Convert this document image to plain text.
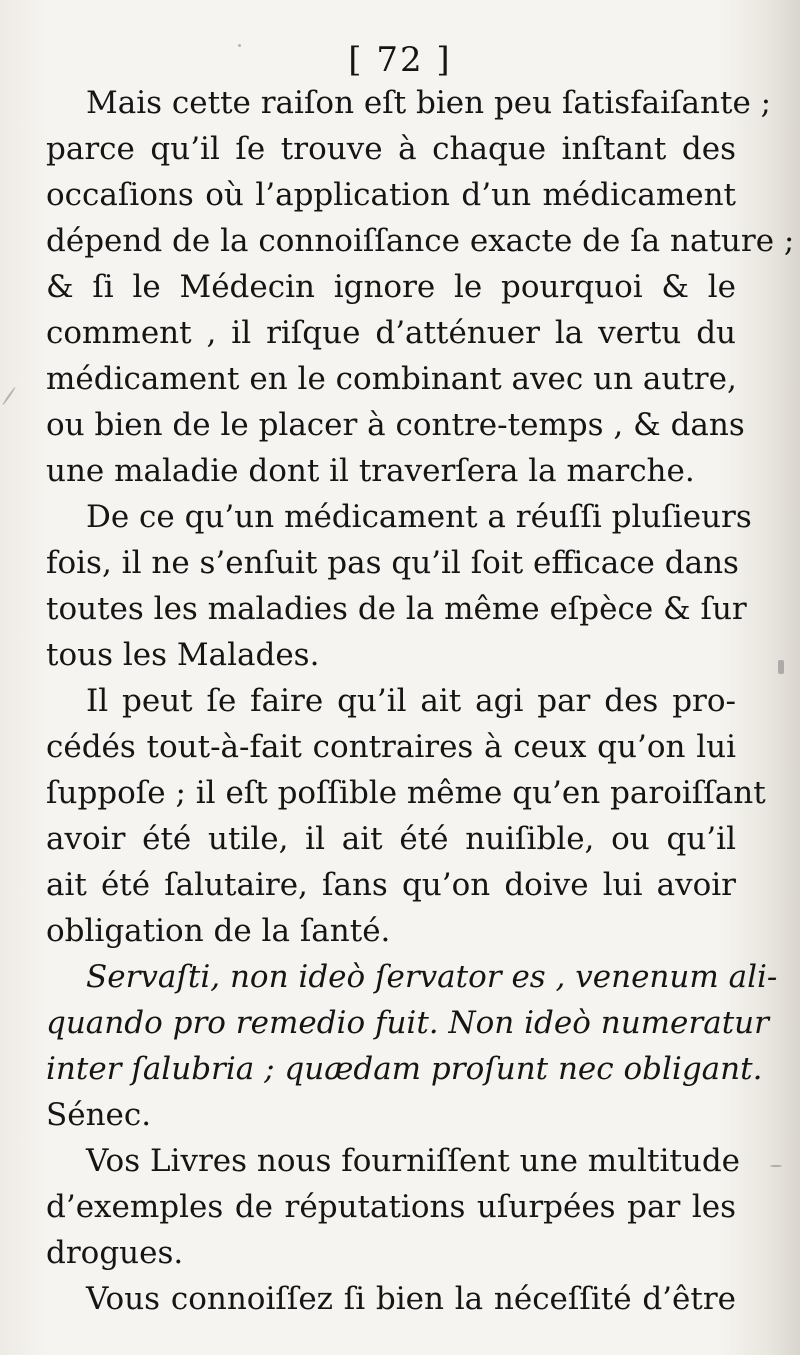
[ 72 ]
Mais cette raiſon eſt bien peu ſatisfaiſante ;
parce qu’il ſe trouve à chaque inſtant des
occaſions où l’application d’un médicament
dépend de la connoiſſance exacte de ſa nature ;
& ſi le Médecin ignore le pourquoi & le
comment , il riſque d’atténuer la vertu du
médicament en le combinant avec un autre,
ou bien de le placer à contre-temps , & dans
une maladie dont il traverſera la marche.
De ce qu’un médicament a réuſſi pluſieurs
fois, il ne s’enſuit pas qu’il ſoit efficace dans
toutes les maladies de la même eſpèce & ſur
tous les Malades.
Il peut ſe faire qu’il ait agi par des pro-
cédés tout-à-fait contraires à ceux qu’on lui
ſuppoſe ; il eſt poſſible même qu’en paroiſſant
avoir été utile, il ait été nuiſible, ou qu’il
ait été ſalutaire, ſans qu’on doive lui avoir
obligation de la ſanté.
Servaſti, non ideò ſervator es , venenum ali-
quando pro remedio fuit. Non ideò numeratur
inter ſalubria ; quædam proſunt nec obligant.
Sénec.
Vos Livres nous fourniſſent une multitude
d’exemples de réputations uſurpées par les
drogues.
Vous connoiſſez ſi bien la néceſſité d’être
